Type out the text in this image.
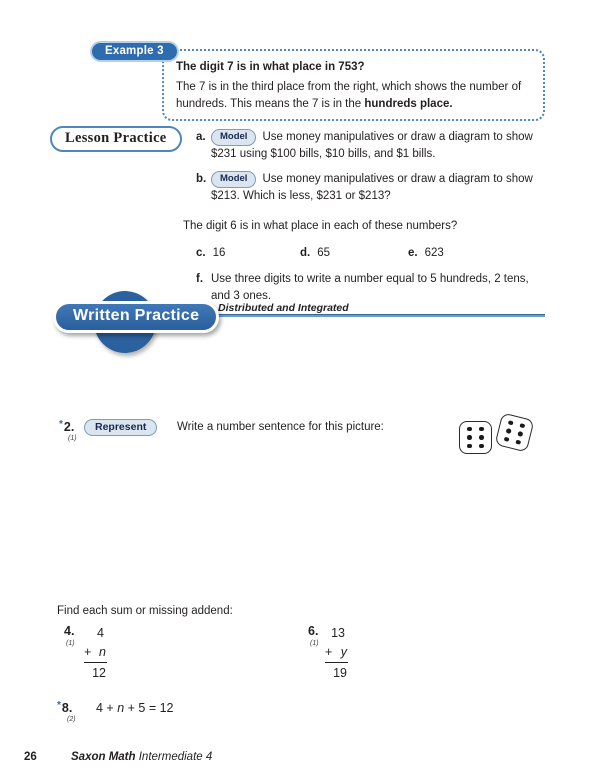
Example 3

The digit 7 is in what place in 753?

The 7 is in the third place from the right, which shows the number of hundreds. This means the 7 is in the hundreds place.

Lesson Practice	a.	Model Use money manipulatives or draw a diagram to show $231 using $100 bills, $10 bills, and $1 bills.
b.	Model Use money manipulatives or draw a diagram to show $213. Which is less, $231 or $213?
The digit 6 is in what place in each of these numbers?
c. 16	d. 65	e. 623
f. Use three digits to write a number equal to 5 hundreds, 2 tens, and 3 ones.
Written Practice	Distributed and Integrated
*2.
(1)
Represent	Write a number sentence for this picture:
Find each sum or missing addend:
4.
(1)
4
+ n
12
6.
(1)
13
+ y
19
*8.
(2)
4 + n + 5 = 12
26	Saxon Math Intermediate 4
